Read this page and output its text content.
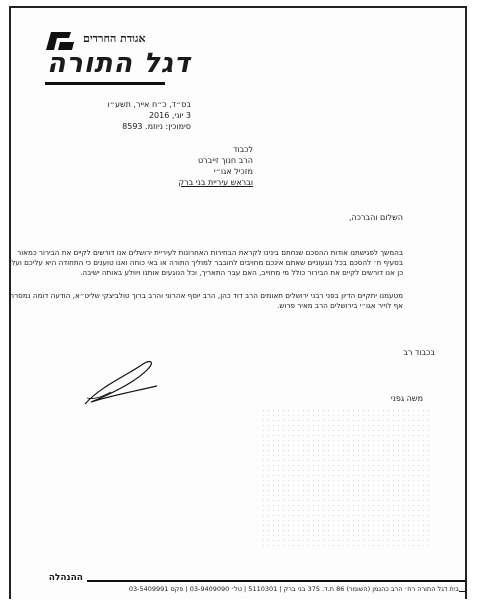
אגודת החרדים
דגל התורה
בס״ד, כ״ח אייר, תשע״ו
3 יוני, 2016
סימוכין: ניוזמ. 8593
לכבוד
הרב חנוך זייברט
מזכיל אגו״י
ובראש עיריית בני ברק
השלום והברכה,
בהמשך לפגישתנו אודות ההסכם שנחתם בינינו לקראת הבחירות האחרונות לעיריית ירושלים אנו דורשים לקיים את הבירור כמאור בסעיף ח׳ להסכם בכל נוגעוניים שאתם אינכם מחויבים לחובבר למוליך התורה או באי כוחה ואנו טוענים כי התחודה היא עליכם ועל כן אנו דורשים לקיים את הבירור כולל מי מחוייב, האם עבר התאריך, וכל הנוגעים אותנו ויוולע באותה ישיבה.
מטעמנו יתקיים הדיון בפני רבני ירושלים תאומים הרב דוד כהן, הרב יוסף אהרוני והרב ברוך טולביצקי שליט״א, הודעה דומה נמסרה אף לוייר אגו״י בירושלים הרב מאיר פרוש.
בכבוד רב
משה גפני
ההנהלה
בית דגל התורה רח׳ הרב כהנמן (השומר) 86 ת.ד. 375 בני ברק | 5110301 | טל׳ 03-9409090 | פקס 03-5409991
